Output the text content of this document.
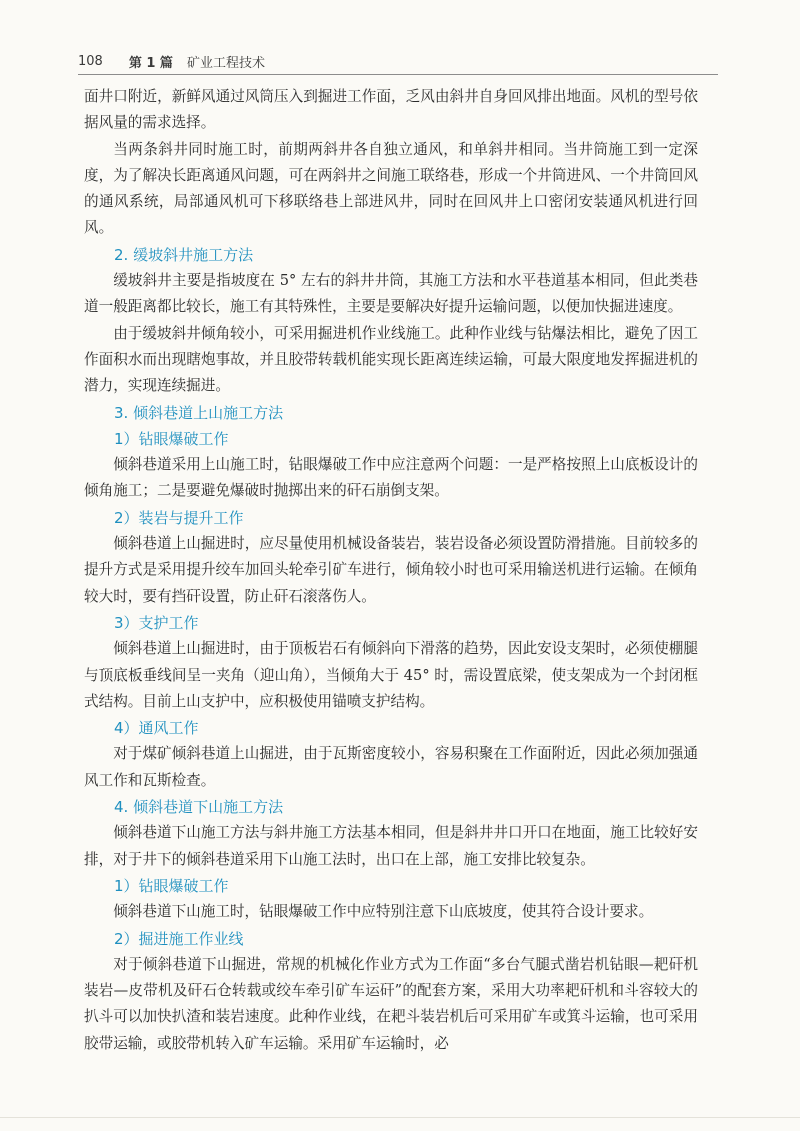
108 第 1 篇 矿业工程技术

面井口附近，新鲜风通过风筒压入到掘进工作面，乏风由斜井自身回风排出地面。风机的型号依据风量的需求选择。

当两条斜井同时施工时，前期两斜井各自独立通风，和单斜井相同。当井筒施工到一定深度，为了解决长距离通风问题，可在两斜井之间施工联络巷，形成一个井筒进风、一个井筒回风的通风系统，局部通风机可下移联络巷上部进风井，同时在回风井上口密闭安装通风机进行回风。

2. 缓坡斜井施工方法

缓坡斜井主要是指坡度在 5° 左右的斜井井筒，其施工方法和水平巷道基本相同，但此类巷道一般距离都比较长，施工有其特殊性，主要是要解决好提升运输问题，以便加快掘进速度。

由于缓坡斜井倾角较小，可采用掘进机作业线施工。此种作业线与钻爆法相比，避免了因工作面积水而出现瞎炮事故，并且胶带转载机能实现长距离连续运输，可最大限度地发挥掘进机的潜力，实现连续掘进。

3. 倾斜巷道上山施工方法

1）钻眼爆破工作

倾斜巷道采用上山施工时，钻眼爆破工作中应注意两个问题：一是严格按照上山底板设计的倾角施工；二是要避免爆破时抛掷出来的矸石崩倒支架。

2）装岩与提升工作

倾斜巷道上山掘进时，应尽量使用机械设备装岩，装岩设备必须设置防滑措施。目前较多的提升方式是采用提升绞车加回头轮牵引矿车进行，倾角较小时也可采用输送机进行运输。在倾角较大时，要有挡矸设置，防止矸石滚落伤人。

3）支护工作

倾斜巷道上山掘进时，由于顶板岩石有倾斜向下滑落的趋势，因此安设支架时，必须使棚腿与顶底板垂线间呈一夹角（迎山角），当倾角大于 45° 时，需设置底梁，使支架成为一个封闭框式结构。目前上山支护中，应积极使用锚喷支护结构。

4）通风工作

对于煤矿倾斜巷道上山掘进，由于瓦斯密度较小，容易积聚在工作面附近，因此必须加强通风工作和瓦斯检查。

4. 倾斜巷道下山施工方法

倾斜巷道下山施工方法与斜井施工方法基本相同，但是斜井井口开口在地面，施工比较好安排，对于井下的倾斜巷道采用下山施工法时，出口在上部，施工安排比较复杂。

1）钻眼爆破工作

倾斜巷道下山施工时，钻眼爆破工作中应特别注意下山底坡度，使其符合设计要求。

2）掘进施工作业线

对于倾斜巷道下山掘进，常规的机械化作业方式为工作面“多台气腿式凿岩机钻眼—耙矸机装岩—皮带机及矸石仓转载或绞车牵引矿车运矸”的配套方案，采用大功率耙矸机和斗容较大的扒斗可以加快扒渣和装岩速度。此种作业线，在耙斗装岩机后可采用矿车或箕斗运输，也可采用胶带运输，或胶带机转入矿车运输。采用矿车运输时，必
